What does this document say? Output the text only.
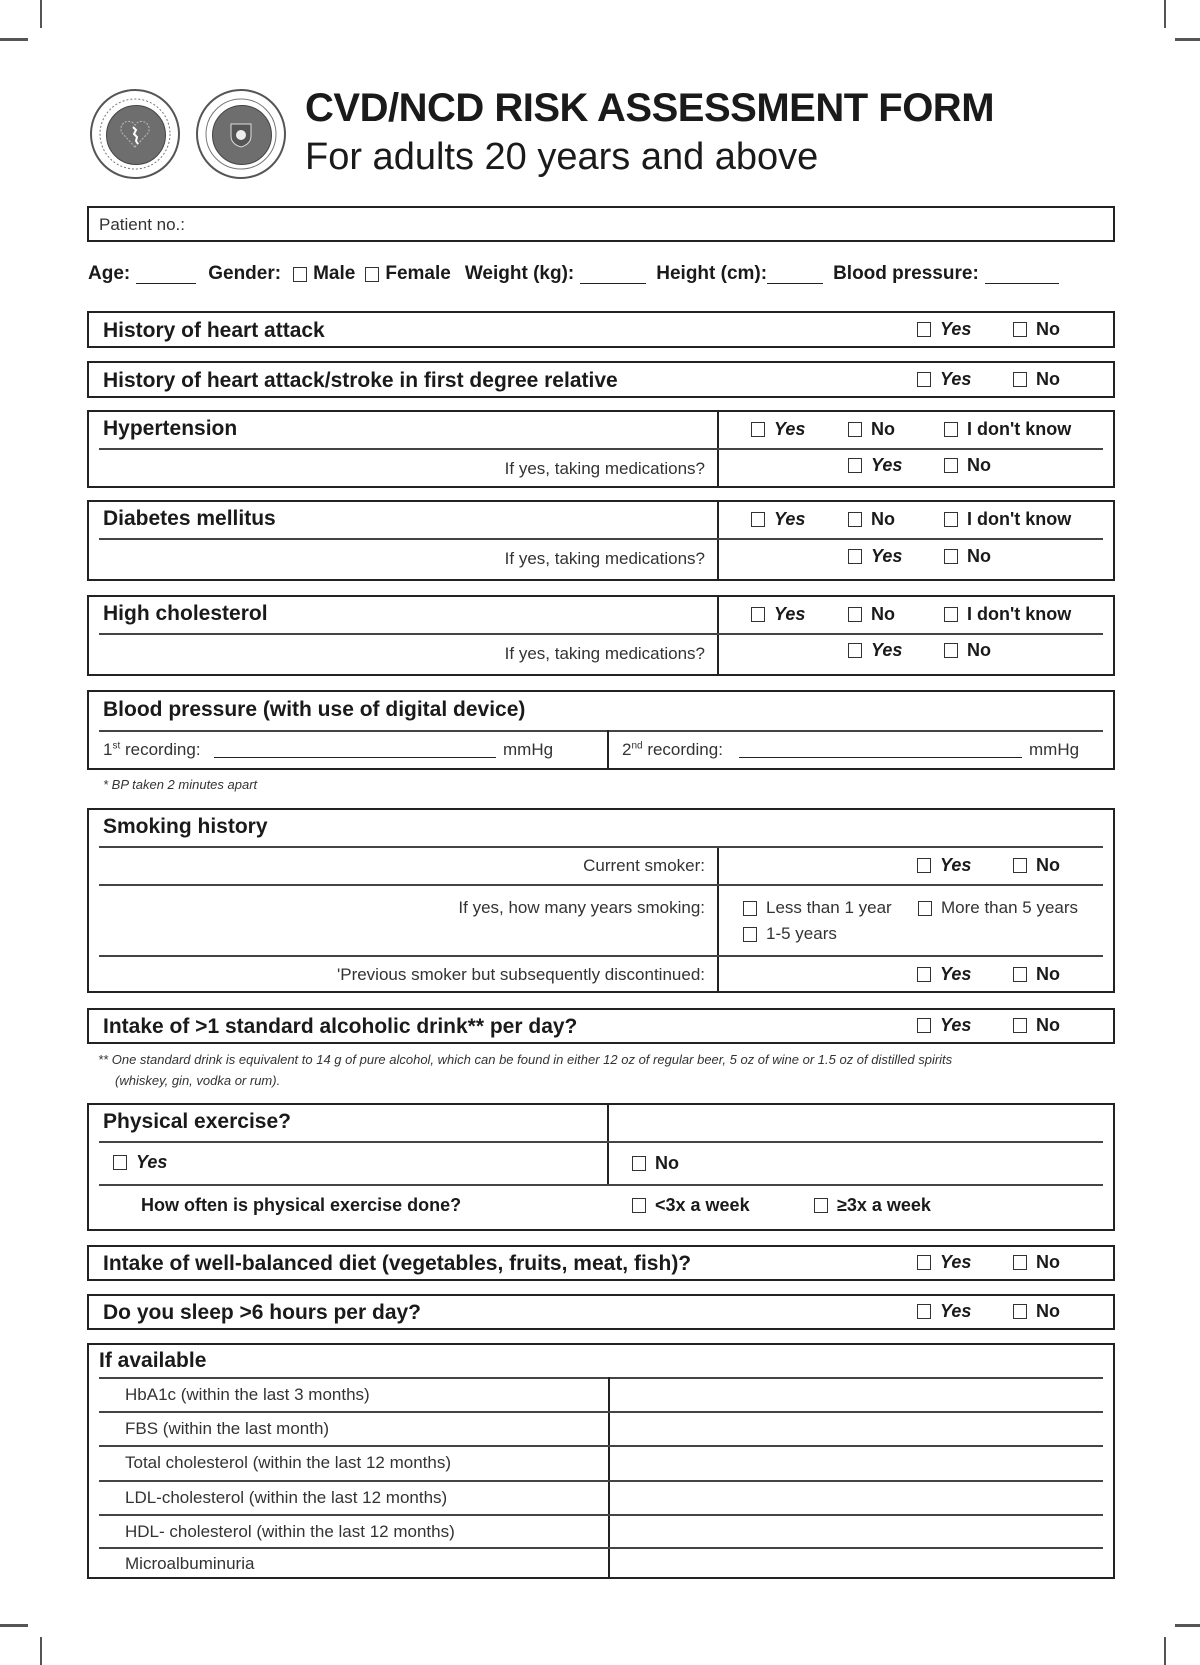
CVD/NCD RISK ASSESSMENT FORM
For adults 20 years and above
Patient no.:
Age:	Gender: Male Female Weight (kg):	Height (cm):	Blood pressure:
History of heart attack	Yes	No
History of heart attack/stroke in first degree relative	Yes	No
Hypertension	Yes	No	I don't know
If yes, taking medications?	Yes	No
Diabetes mellitus	Yes	No	I don't know
If yes, taking medications?	Yes	No
High cholesterol	Yes	No	I don't know
If yes, taking medications?	Yes	No
Blood pressure (with use of digital device)
1st recording:	mmHg	2nd recording:	mmHg
* BP taken 2 minutes apart
Smoking history
Current smoker:	Yes	No
If yes, how many years smoking:	Less than 1 year	More than 5 years
1-5 years
'Previous smoker but subsequently discontinued:	Yes	No
Intake of >1 standard alcoholic drink** per day?	Yes	No
** One standard drink is equivalent to 14 g of pure alcohol, which can be found in either 12 oz of regular beer, 5 oz of wine or 1.5 oz of distilled spirits
(whiskey, gin, vodka or rum).
Physical exercise?
Yes	No
How often is physical exercise done?	<3x a week	≥3x a week
Intake of well-balanced diet (vegetables, fruits, meat, fish)?	Yes	No
Do you sleep >6 hours per day?	Yes	No
If available
HbA1c (within the last 3 months)
FBS (within the last month)
Total cholesterol (within the last 12 months)
LDL-cholesterol (within the last 12 months)
HDL- cholesterol (within the last 12 months)
Microalbuminuria
